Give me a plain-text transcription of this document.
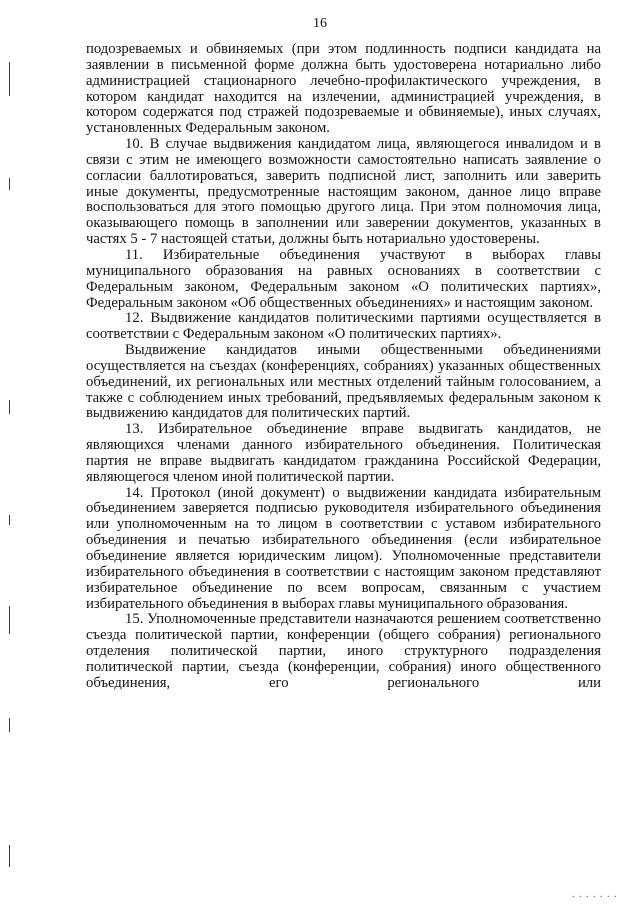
16

подозреваемых и обвиняемых (при этом подлинность подписи кандидата на заявлении в письменной форме должна быть удостоверена нотариально либо администрацией стационарного лечебно-профилактического учреждения, в котором кандидат находится на излечении, администрацией учреждения, в котором содержатся под стражей подозреваемые и обвиняемые), иных случаях, установленных Федеральным законом.

10. В случае выдвижения кандидатом лица, являющегося инвалидом и в связи с этим не имеющего возможности самостоятельно написать заявление о согласии баллотироваться, заверить подписной лист, заполнить или заверить иные документы, предусмотренные настоящим законом, данное лицо вправе воспользоваться для этого помощью другого лица. При этом полномочия лица, оказывающего помощь в заполнении или заверении документов, указанных в частях 5 - 7 настоящей статьи, должны быть нотариально удостоверены.

11. Избирательные объединения участвуют в выборах главы муниципального образования на равных основаниях в соответствии с Федеральным законом, Федеральным законом «О политических партиях», Федеральным законом «Об общественных объединениях» и настоящим законом.

12. Выдвижение кандидатов политическими партиями осуществляется в соответствии с Федеральным законом «О политических партиях».

Выдвижение кандидатов иными общественными объединениями осуществляется на съездах (конференциях, собраниях) указанных общественных объединений, их региональных или местных отделений тайным голосованием, а также с соблюдением иных требований, предъявляемых федеральным законом к выдвижению кандидатов для политических партий.

13. Избирательное объединение вправе выдвигать кандидатов, не являющихся членами данного избирательного объединения. Политическая партия не вправе выдвигать кандидатом гражданина Российской Федерации, являющегося членом иной политической партии.

14. Протокол (иной документ) о выдвижении кандидата избирательным объединением заверяется подписью руководителя избирательного объединения или уполномоченным на то лицом в соответствии с уставом избирательного объединения и печатью избирательного объединения (если избирательное объединение является юридическим лицом). Уполномоченные представители избирательного объединения в соответствии с настоящим законом представляют избирательное объединение по всем вопросам, связанным с участием избирательного объединения в выборах главы муниципального образования.

15. Уполномоченные представители назначаются решением соответственно съезда политической партии, конференции (общего собрания) регионального отделения политической партии, иного структурного подразделения политической партии, съезда (конференции, собрания) иного общественного объединения, его регионального или

. . . . . . .
